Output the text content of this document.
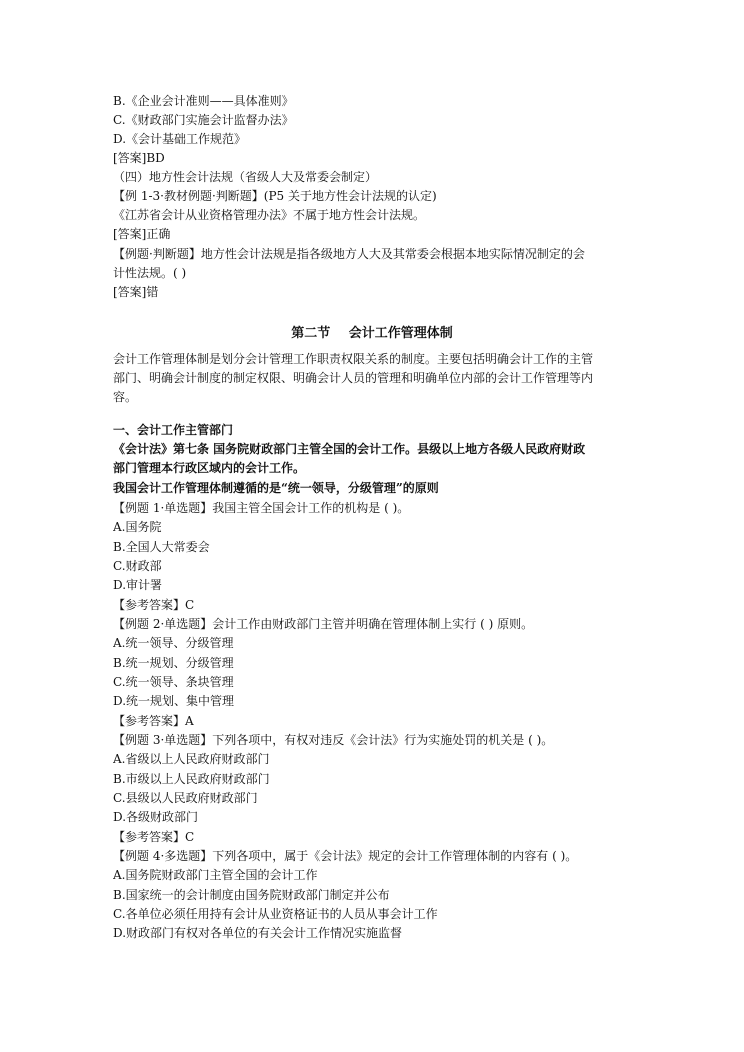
B.《企业会计准则——具体准则》
C.《财政部门实施会计监督办法》
D.《会计基础工作规范》
[答案]BD
（四）地方性会计法规（省级人大及常委会制定）
【例 1-3·教材例题·判断题】(P5 关于地方性会计法规的认定)
《江苏省会计从业资格管理办法》不属于地方性会计法规。
[答案]正确
【例题·判断题】地方性会计法规是指各级地方人大及其常委会根据本地实际情况制定的会
计性法规。( )
[答案]错
第二节 会计工作管理体制
会计工作管理体制是划分会计管理工作职责权限关系的制度。主要包括明确会计工作的主管
部门、明确会计制度的制定权限、明确会计人员的管理和明确单位内部的会计工作管理等内
容。
一、会计工作主管部门
《会计法》第七条 国务院财政部门主管全国的会计工作。县级以上地方各级人民政府财政
部门管理本行政区域内的会计工作。
我国会计工作管理体制遵循的是“统一领导，分级管理”的原则
【例题 1·单选题】我国主管全国会计工作的机构是 ( )。
A.国务院
B.全国人大常委会
C.财政部
D.审计署
【参考答案】C
【例题 2·单选题】会计工作由财政部门主管并明确在管理体制上实行 ( ) 原则。
A.统一领导、分级管理
B.统一规划、分级管理
C.统一领导、条块管理
D.统一规划、集中管理
【参考答案】A
【例题 3·单选题】下列各项中，有权对违反《会计法》行为实施处罚的机关是 ( )。
A.省级以上人民政府财政部门
B.市级以上人民政府财政部门
C.县级以人民政府财政部门
D.各级财政部门
【参考答案】C
【例题 4·多选题】下列各项中，属于《会计法》规定的会计工作管理体制的内容有 ( )。
A.国务院财政部门主管全国的会计工作
B.国家统一的会计制度由国务院财政部门制定并公布
C.各单位必须任用持有会计从业资格证书的人员从事会计工作
D.财政部门有权对各单位的有关会计工作情况实施监督
